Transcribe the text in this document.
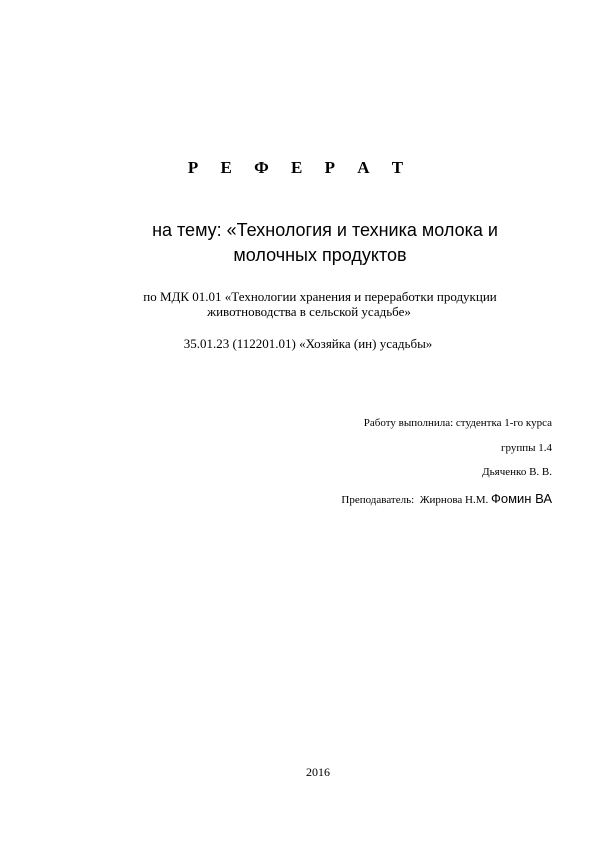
Р Е Ф Е Р А Т
на тему: «Технология и техника молока и
молочных продуктов
по МДК 01.01 «Технологии хранения и переработки продукции
животноводства в сельской усадьбе»
35.01.23 (112201.01) «Хозяйка (ин) усадьбы»
Работу выполнила: студентка 1-го курса
группы 1.4
Дьяченко В. В.
Преподаватель: Жирнова Н.М. Фомин ВА
2016
